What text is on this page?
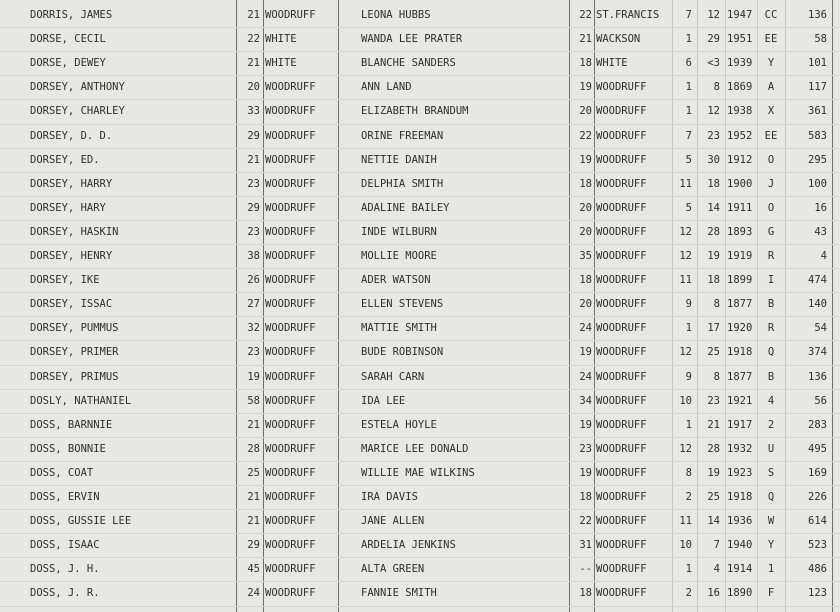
DORRIS, JAMES	21 WOODRUFF	LEONA HUBBS	22 ST.FRANCIS	7	12 1947	CC	136
DORSE, CECIL	22 WHITE	WANDA LEE PRATER	21 WACKSON	1	29 1951	EE	58
DORSE, DEWEY	21 WHITE	BLANCHE SANDERS	18 WHITE	6	<3 1939	Y	101
DORSEY, ANTHONY	20 WOODRUFF	ANN LAND	19 WOODRUFF	1	8 1869	A	117
DORSEY, CHARLEY	33 WOODRUFF	ELIZABETH BRANDUM	20 WOODRUFF	1	12 1938	X	361
DORSEY, D. D.	29 WOODRUFF	ORINE FREEMAN	22 WOODRUFF	7	23 1952	EE	583
DORSEY, ED.	21 WOODRUFF	NETTIE DANIH	19 WOODRUFF	5	30 1912	O	295
DORSEY, HARRY	23 WOODRUFF	DELPHIA SMITH	18 WOODRUFF	11	18 1900	J	100
DORSEY, HARY	29 WOODRUFF	ADALINE BAILEY	20 WOODRUFF	5	14 1911	O	16
DORSEY, HASKIN	23 WOODRUFF	INDE WILBURN	20 WOODRUFF	12	28 1893	G	43
DORSEY, HENRY	38 WOODRUFF	MOLLIE MOORE	35 WOODRUFF	12	19 1919	R	4
DORSEY, IKE	26 WOODRUFF	ADER WATSON	18 WOODRUFF	11	18 1899	I	474
DORSEY, ISSAC	27 WOODRUFF	ELLEN STEVENS	20 WOODRUFF	9	8 1877	B	140
DORSEY, PUMMUS	32 WOODRUFF	MATTIE SMITH	24 WOODRUFF	1	17 1920	R	54
DORSEY, PRIMER	23 WOODRUFF	BUDE ROBINSON	19 WOODRUFF	12	25 1918	Q	374
DORSEY, PRIMUS	19 WOODRUFF	SARAH CARN	24 WOODRUFF	9	8 1877	B	136
DOSLY, NATHANIEL	58 WOODRUFF	IDA LEE	34 WOODRUFF	10	23 1921	4	56
DOSS, BARNNIE	21 WOODRUFF	ESTELA HOYLE	19 WOODRUFF	1	21 1917	2	283
DOSS, BONNIE	28 WOODRUFF	MARICE LEE DONALD	23 WOODRUFF	12	28 1932	U	495
DOSS, COAT	25 WOODRUFF	WILLIE MAE WILKINS	19 WOODRUFF	8	19 1923	S	169
DOSS, ERVIN	21 WOODRUFF	IRA DAVIS	18 WOODRUFF	2	25 1918	Q	226
DOSS, GUSSIE LEE	21 WOODRUFF	JANE ALLEN	22 WOODRUFF	11	14 1936	W	614
DOSS, ISAAC	29 WOODRUFF	ARDELIA JENKINS	31 WOODRUFF	10	7 1940	Y	523
DOSS, J. H.	45 WOODRUFF	ALTA GREEN	-- WOODRUFF	1	4 1914	1	486
DOSS, J. R.	24 WOODRUFF	FANNIE SMITH	18 WOODRUFF	2	16 1890	F	123
